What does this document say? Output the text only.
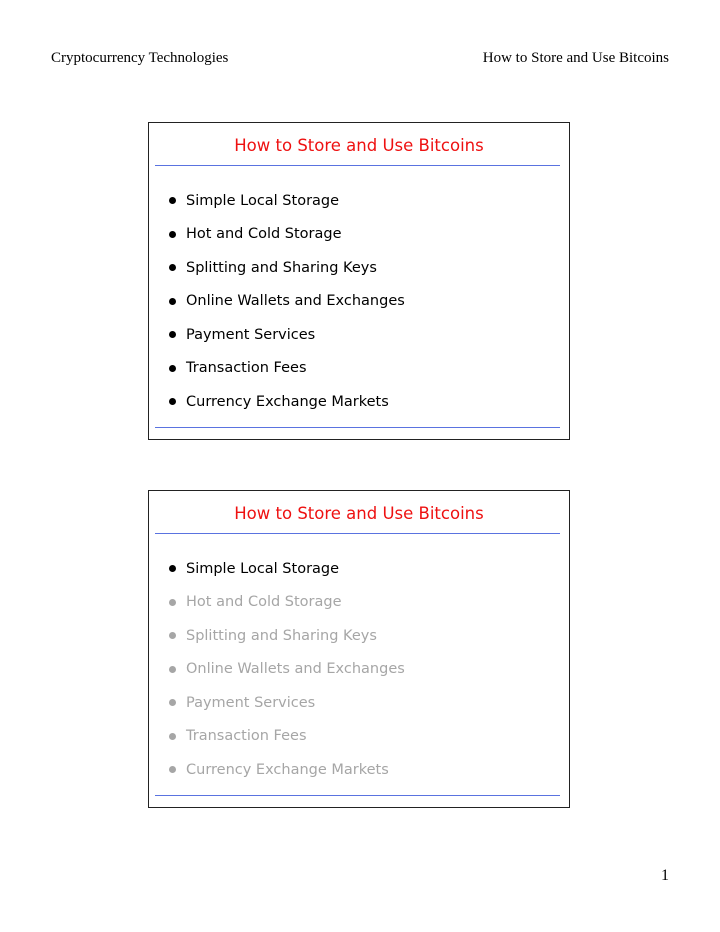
Cryptocurrency Technologies	How to Store and Use Bitcoins
How to Store and Use Bitcoins
Simple Local Storage
Hot and Cold Storage
Splitting and Sharing Keys
Online Wallets and Exchanges
Payment Services
Transaction Fees
Currency Exchange Markets
How to Store and Use Bitcoins
Simple Local Storage
Hot and Cold Storage
Splitting and Sharing Keys
Online Wallets and Exchanges
Payment Services
Transaction Fees
Currency Exchange Markets
1
